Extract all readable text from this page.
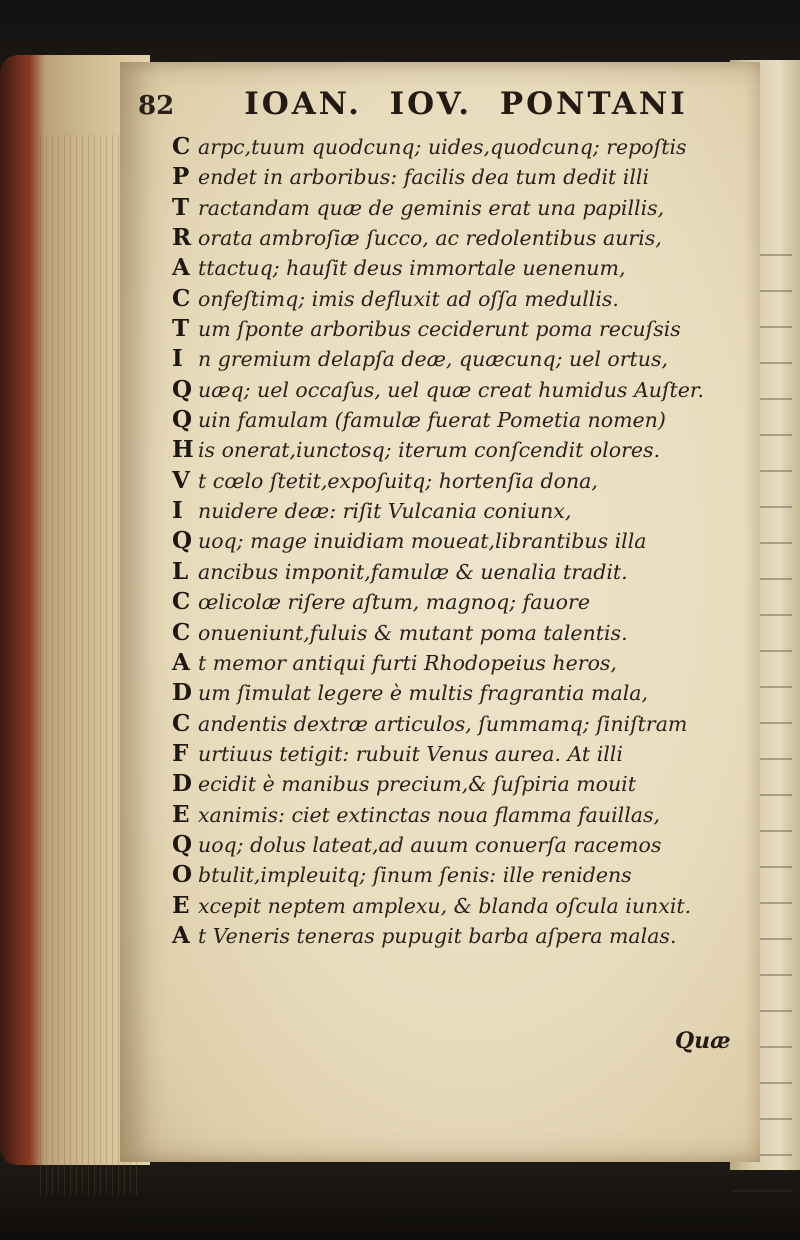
82 IOAN. IOV. PONTANI
C arpc,tuum quodcunq; uides,quodcunq; repoſtis
P endet in arboribus: facilis dea tum dedit illi
T ractandam quæ de geminis erat una papillis,
R orata ambroſiæ ſucco, ac redolentibus auris,
A ttactuq; hauſit deus immortale uenenum,
C onfeſtimq; imis defluxit ad oſſa medullis.
T um ſponte arboribus ceciderunt poma recuſsis
I n gremium delapſa deæ, quæcunq; uel ortus,
Q uæq; uel occaſus, uel quæ creat humidus Auſter.
Q uin famulam (famulæ fuerat Pometia nomen)
H is onerat,iunctosq; iterum conſcendit olores.
V t cœlo ſtetit,expoſuitq; hortenſia dona,
I nuidere deæ: riſit Vulcania coniunx,
Q uoq; mage inuidiam moueat,librantibus illa
L ancibus imponit,famulæ & uenalia tradit.
C œlicolæ riſere aſtum, magnoq; fauore
C onueniunt,fuluis & mutant poma talentis.
A t memor antiqui furti Rhodopeius heros,
D um ſimulat legere è multis fragrantia mala,
C andentis dextræ articulos, ſummamq; ſiniſtram
F urtiuus tetigit: rubuit Venus aurea. At illi
D ecidit è manibus precium,& ſuſpiria mouit
E xanimis: ciet extinctas noua flamma fauillas,
Q uoq; dolus lateat,ad auum conuerſa racemos
O btulit,impleuitq; ſinum ſenis: ille renidens
E xcepit neptem amplexu, & blanda oſcula iunxit.
A t Veneris teneras pupugit barba aſpera malas.
Quæ
